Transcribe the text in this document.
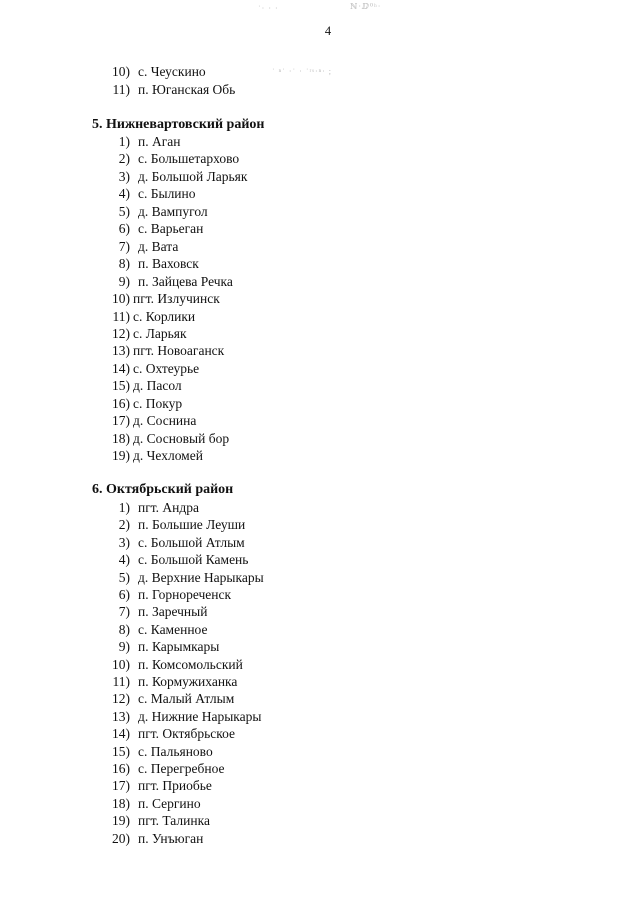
˙· · ·	ℕ·ⅅ⁰ʰ·
˙ ⁿ˙ ·˙ · ˙ʳˢ·ⁿ· ;
4
10) с. Чеускино
11) п. Юганская Обь
5. Нижневартовский район
1) п. Аган
2) с. Большетархово
3) д. Большой Ларьяк
4) с. Былино
5) д. Вампугол
6) с. Варьеган
7) д. Вата
8) п. Ваховск
9) п. Зайцева Речка
10) пгт. Излучинск
11) с. Корлики
12) с. Ларьяк
13) пгт. Новоаганск
14) с. Охтеурье
15) д. Пасол
16) с. Покур
17) д. Соснина
18) д. Сосновый бор
19) д. Чехломей
6. Октябрьский район
1) пгт. Андра
2) п. Большие Леуши
3) с. Большой Атлым
4) с. Большой Камень
5) д. Верхние Нарыкары
6) п. Горнореченск
7) п. Заречный
8) с. Каменное
9) п. Карымкары
10) п. Комсомольский
11) п. Кормужиханка
12) с. Малый Атлым
13) д. Нижние Нарыкары
14) пгт. Октябрьское
15) с. Пальяново
16) с. Перегребное
17) пгт. Приобье
18) п. Сергино
19) пгт. Талинка
20) п. Унъюган
